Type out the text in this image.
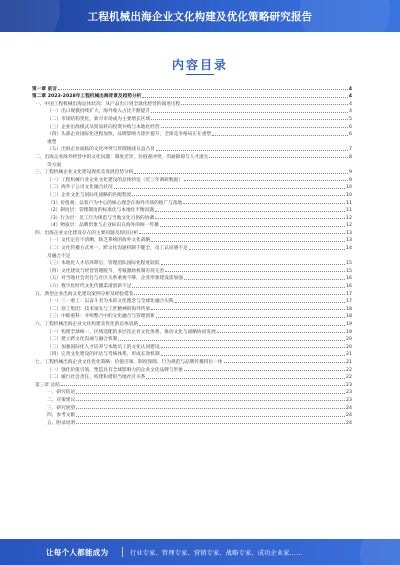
工程机械出海企业文化构建及优化策略研究报告
内容目录
第一章 前言	4
第二章 2023-2028年工程机械出海背景及趋势分析	4
一、中国工程机械出海总体状况：从产品出口到全球化经营的演进历程	4
（一）出口规模持续扩大，海外收入占比不断提升	4
（二）市场结构变化，新兴市场成为主要增长区域	5
（三）企业出海模式从贸易转向投资并购与本地化经营	6
（四）头部企业国际化进程加快，品牌影响力逐步提升，全球竞争格局正在重塑	6
重塑
（五）出海企业面临的文化冲突与管理挑战日益凸显	7
二、出海企业海外经营中的文化问题：制度差异、价值观冲突、沟通障碍与人才流失	8
等方面
三、工程机械企业文化建设现状及发展趋势分析	9
（一）工程机械行业企业文化建设的总体特征（近三年调研数据）	9
（二）海外子公司文化融合状况	10
（三）企业文化与国际化战略的匹配程度	10
（1）价值观：以客户为中心的核心理念在海外市场的推广与落地	11
（2）制度层：管理制度的标准化与本地化平衡问题	11
（3）行为层：员工行为规范与当地文化习俗的协调	12
（4）物质层：品牌形象与企业标识在海外的统一传播	12
四、出海企业文化建设存在的主要问题及原因分析	13
（一）文化定位不清晰，缺乏系统的海外文化战略	13
（二）文化传播方式单一，跨文化沟通机制不健全，员工认同感不足	14
及融合不足
（三）本地化人才培养滞后，管理团队国际化程度较低	15
（四）文化建设与经营管理脱节，考核激励机制有待完善	15
（五）对当地社会责任与社区关系重视不够，企业形象建设需加强	16
（六）数字化时代文化传播渠道创新不足	16
五、典型企业出海文化建设案例分析及经验借鉴	17
（一）三一重工：以奋斗者为本的文化理念与全球化融合实践	17
（二）徐工集团：技术领先与工匠精神的海外传承	18
（三）中联重科：并购整合中的文化融合与管理创新	18
六、工程机械出海企业文化构建及优化的总体思路	19
（一）构建全球统一、区域适配的多层次企业文化体系，推动文化与战略协同发展	19
（二）建立跨文化沟通与融合机制	20
（三）加强国际化人才培养与本地员工的文化认同建设	20
（四）完善文化建设的评估与考核体系，形成长效机制	21
七、工程机械出海企业文化优化策略：价值引领、制度保障、行为规范与品牌传播四位一体	21
（一）强化价值引领，塑造具有全球影响力的企业文化品牌与形象	22
（二）履行社会责任，构建和谐的当地社区关系	22
第三章 总结	23
一、研究结论	23
二、对策建议	23
三、研究展望	24
四、参考文献	24
五、附录说明	24
让每个人都能成为	行业专家、管理专家、营销专家、战略专家、成功企业家……
